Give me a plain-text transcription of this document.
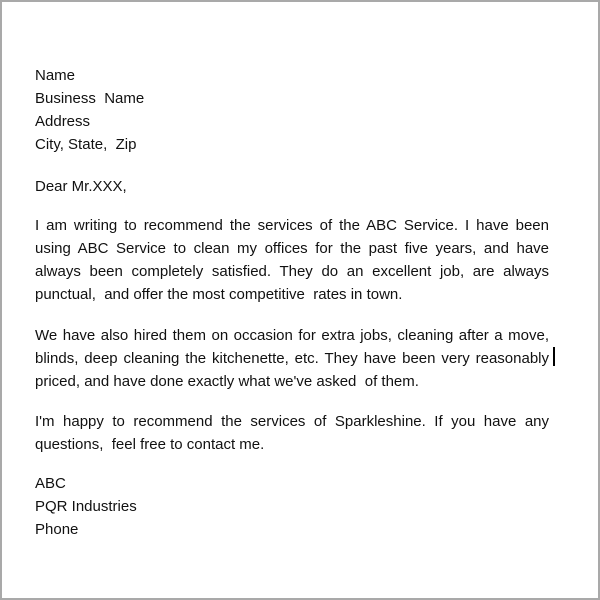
Name
Business  Name
Address
City, State,  Zip
Dear Mr.XXX,
I am writing to recommend the services of the ABC Service. I have been
using ABC Service to clean my offices for the past five years, and have
always been completely satisfied. They do an excellent job, are always
punctual,  and offer the most competitive  rates in town.
We have also hired them on occasion for extra jobs, cleaning after a move,
blinds, deep cleaning the kitchenette, etc. They have been very reasonably
priced, and have done exactly what we've asked  of them.
I'm happy to recommend the services of Sparkleshine. If you have any
questions,  feel free to contact me.
ABC
PQR Industries
Phone
